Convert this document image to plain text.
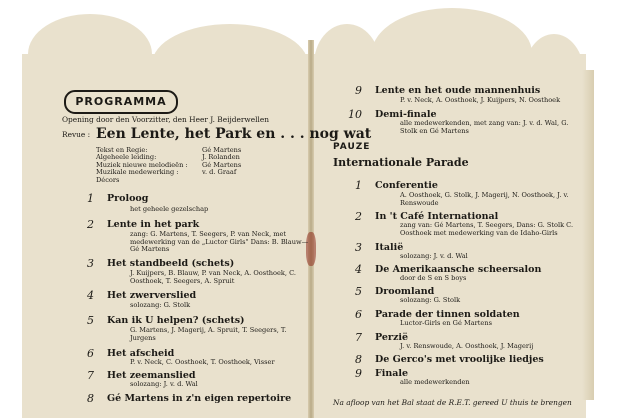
PROGRAMMA
Opening door den Voorzitter, den Heer J. Beijderwellen
Revue : Een Lente, het Park en . . . nog wat
Tekst en Regie:	Gé Martens
Algeheele leiding:	J. Rolanden
Muziek nieuwe melodieën :	Gé Martens
Muzikale medewerking :	v. d. Graaf
Décors	
1 Proloog
het geheele gezelschap
2 Lente in het park
zang: G. Martens, T. Seegers, P. van Neck, met medewerking van de „Luctor Girls" Dans: B. Blauw—Gé Martens
3 Het standbeeld (schets)
J. Kuijpers, B. Blauw, P. van Neck, A. Oosthoek, C. Oosthoek, T. Seegers, A. Spruit
4 Het zwerverslied
solozang: G. Stolk
5 Kan ik U helpen? (schets)
G. Martens, J. Magerij, A. Spruit, T. Seegers, T. Jurgens
6 Het afscheid
P. v. Neck, C. Oosthoek, T. Oosthoek, Visser
7 Het zeemanslied
solozang: J. v. d. Wal
8 Gé Martens in z'n eigen repertoire
9 Lente en het oude mannenhuis
P. v. Neck, A. Oosthoek, J. Kuijpers, N. Oosthoek
10 Demi-finale
alle medewerkenden, met zang van: J. v. d. Wal, G. Stolk en Gé Martens
PAUZE
Internationale Parade
1 Conferentie
A. Oosthoek, G. Stolk, J. Magerij, N. Oosthoek, J. v. Renswoude
2 In 't Café International
zang van: Gé Martens, T. Seegers, Dans: G. Stolk C. Oosthoek met medewerking van de Idaho-Girls
3 Italië
solozang: J. v. d. Wal
4 De Amerikaansche scheersalon
door de S en S boys
5 Droomland
solozang: G. Stolk
6 Parade der tinnen soldaten
Luctor-Girls en Gé Martens
7 Perzië
J. v. Renswoude, A. Oosthoek, J. Magerij
8 De Gerco's met vroolijke liedjes
9 Finale
alle medewerkenden
Na afloop van het Bal staat de R.E.T. gereed U thuis te brengen
